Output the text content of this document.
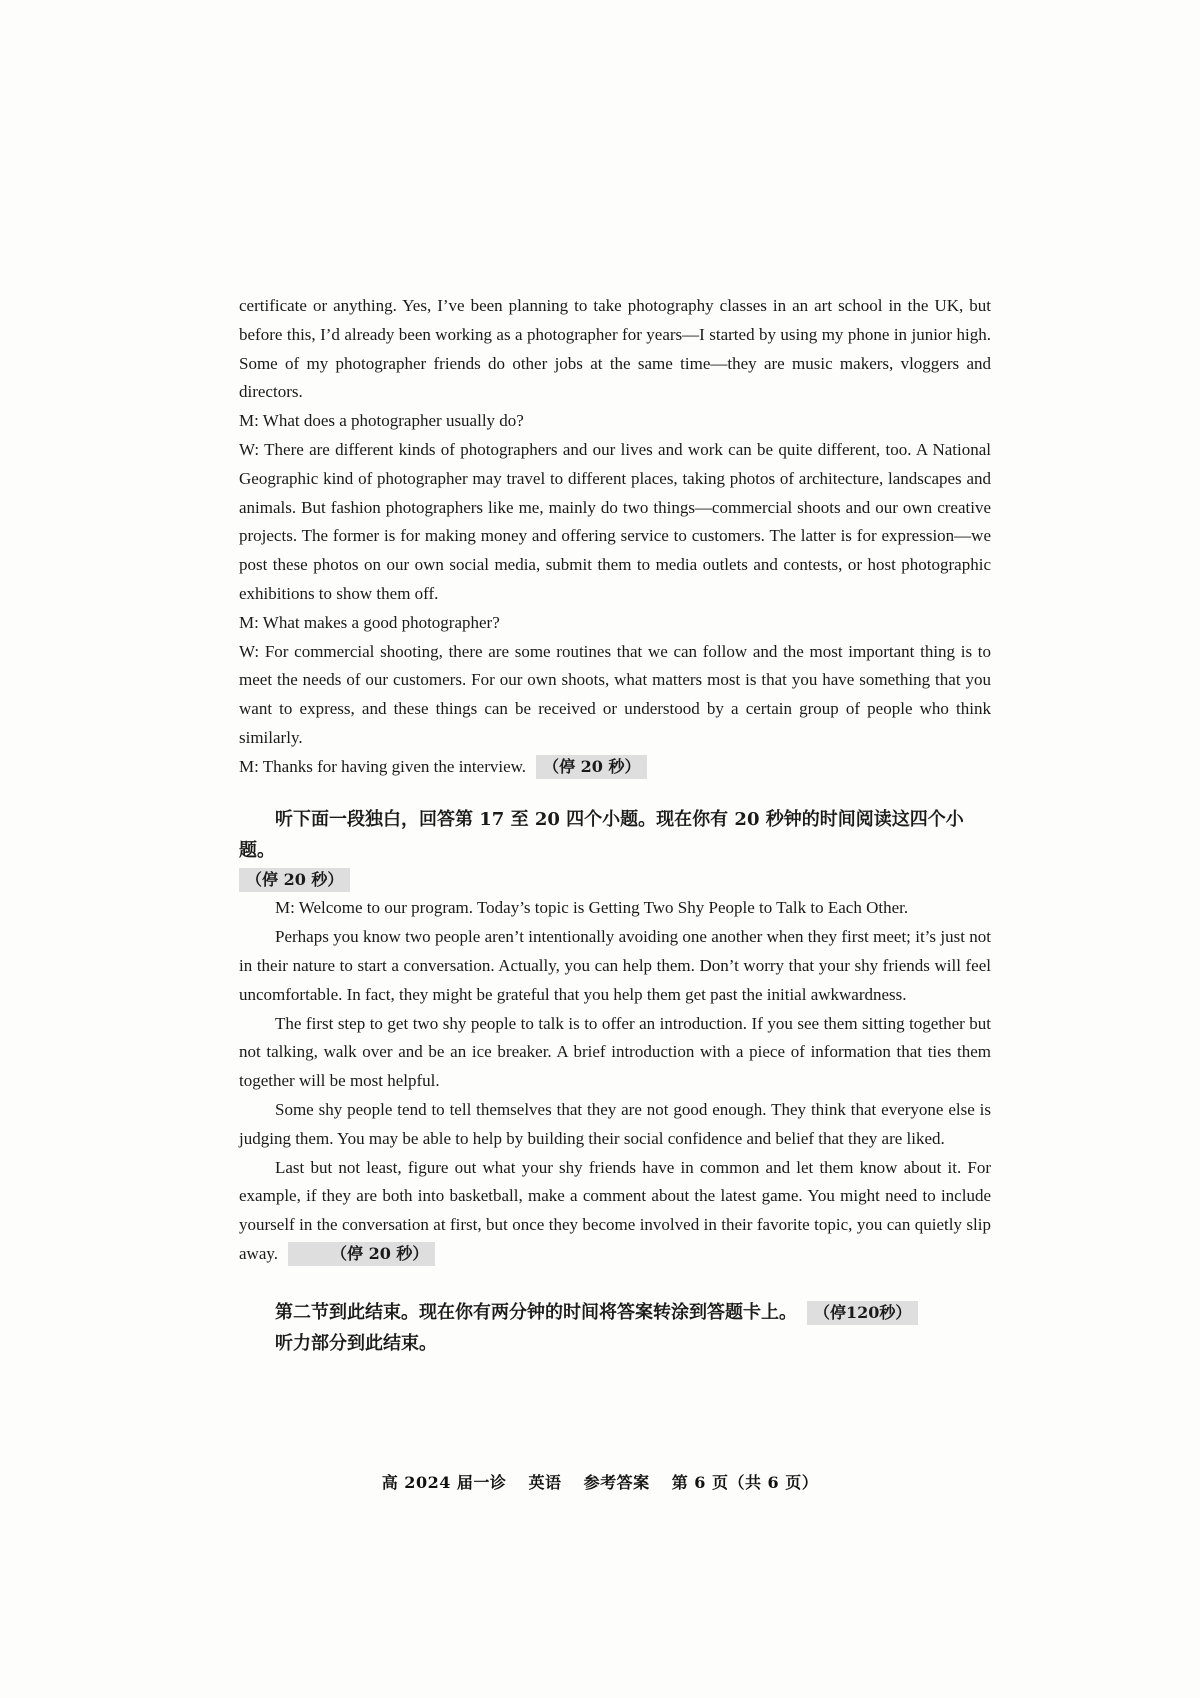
certificate or anything. Yes, I’ve been planning to take photography classes in an art school in the UK, but before this, I’d already been working as a photographer for years—I started by using my phone in junior high. Some of my photographer friends do other jobs at the same time—they are music makers, vloggers and directors.

M: What does a photographer usually do?

W: There are different kinds of photographers and our lives and work can be quite different, too. A National Geographic kind of photographer may travel to different places, taking photos of architecture, landscapes and animals. But fashion photographers like me, mainly do two things—commercial shoots and our own creative projects. The former is for making money and offering service to customers. The latter is for expression—we post these photos on our own social media, submit them to media outlets and contests, or host photographic exhibitions to show them off.

M: What makes a good photographer?

W: For commercial shooting, there are some routines that we can follow and the most important thing is to meet the needs of our customers. For our own shoots, what matters most is that you have something that you want to express, and these things can be received or understood by a certain group of people who think similarly.

M: Thanks for having given the interview. （停 20 秒）

听下面一段独白，回答第 17 至 20 四个小题。现在你有 20 秒钟的时间阅读这四个小题。

（停 20 秒）

M: Welcome to our program. Today’s topic is Getting Two Shy People to Talk to Each Other.

Perhaps you know two people aren’t intentionally avoiding one another when they first meet; it’s just not in their nature to start a conversation. Actually, you can help them. Don’t worry that your shy friends will feel uncomfortable. In fact, they might be grateful that you help them get past the initial awkwardness.

The first step to get two shy people to talk is to offer an introduction. If you see them sitting together but not talking, walk over and be an ice breaker. A brief introduction with a piece of information that ties them together will be most helpful.

Some shy people tend to tell themselves that they are not good enough. They think that everyone else is judging them. You may be able to help by building their social confidence and belief that they are liked.

Last but not least, figure out what your shy friends have in common and let them know about it. For example, if they are both into basketball, make a comment about the latest game. You might need to include yourself in the conversation at first, but once they become involved in their favorite topic, you can quietly slip away.	（停 20 秒）

第二节到此结束。现在你有两分钟的时间将答案转涂到答题卡上。 （停120秒）

听力部分到此结束。

高 2024 届一诊 英语 参考答案 第 6 页（共 6 页）
